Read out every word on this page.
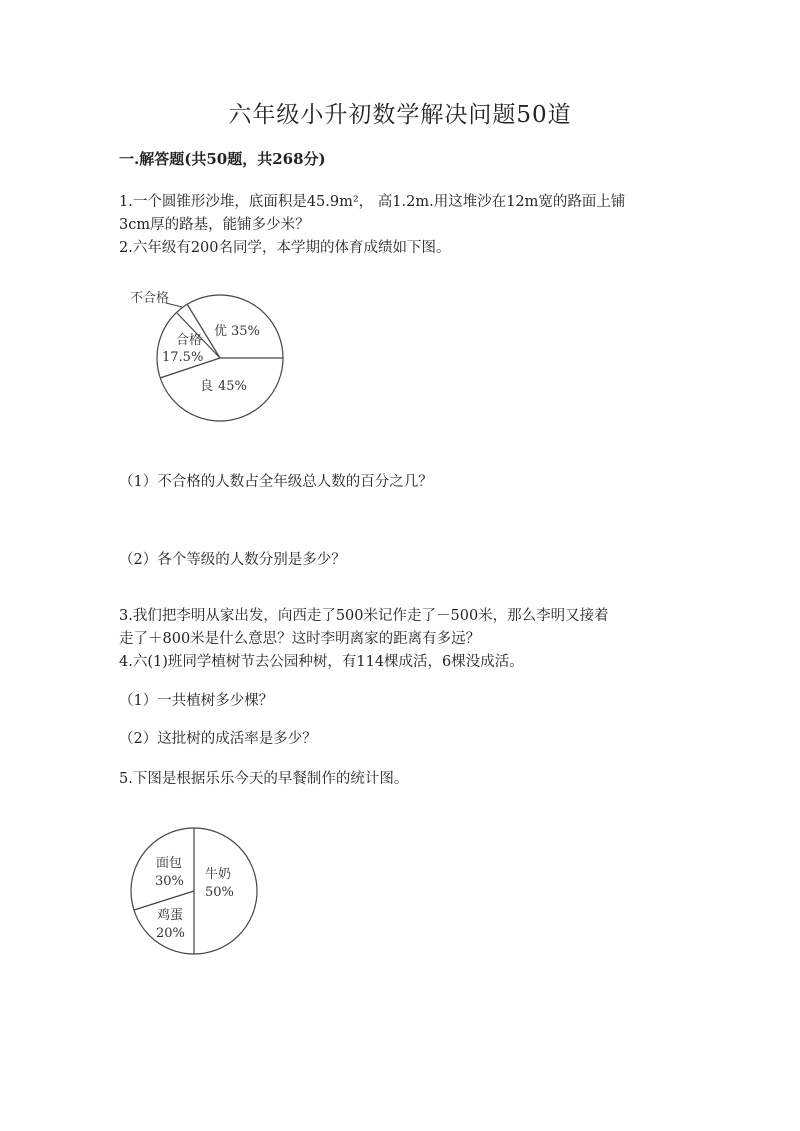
六年级小升初数学解决问题50道
一.解答题(共50题，共268分)
1.一个圆锥形沙堆，底面积是45.9m²， 高1.2m.用这堆沙在12m宽的路面上铺
3cm厚的路基，能铺多少米？
2.六年级有200名同学，本学期的体育成绩如下图。
不合格
优 35%
合格
17.5%
良 45%
（1）不合格的人数占全年级总人数的百分之几？
（2）各个等级的人数分别是多少？
3.我们把李明从家出发，向西走了500米记作走了－500米，那么李明又接着
走了＋800米是什么意思？这时李明离家的距离有多远？
4.六(1)班同学植树节去公园种树，有114棵成活，6棵没成活。
（1）一共植树多少棵？
（2）这批树的成活率是多少？
5.下图是根据乐乐今天的早餐制作的统计图。
牛奶
50%
面包
30%
鸡蛋
20%
